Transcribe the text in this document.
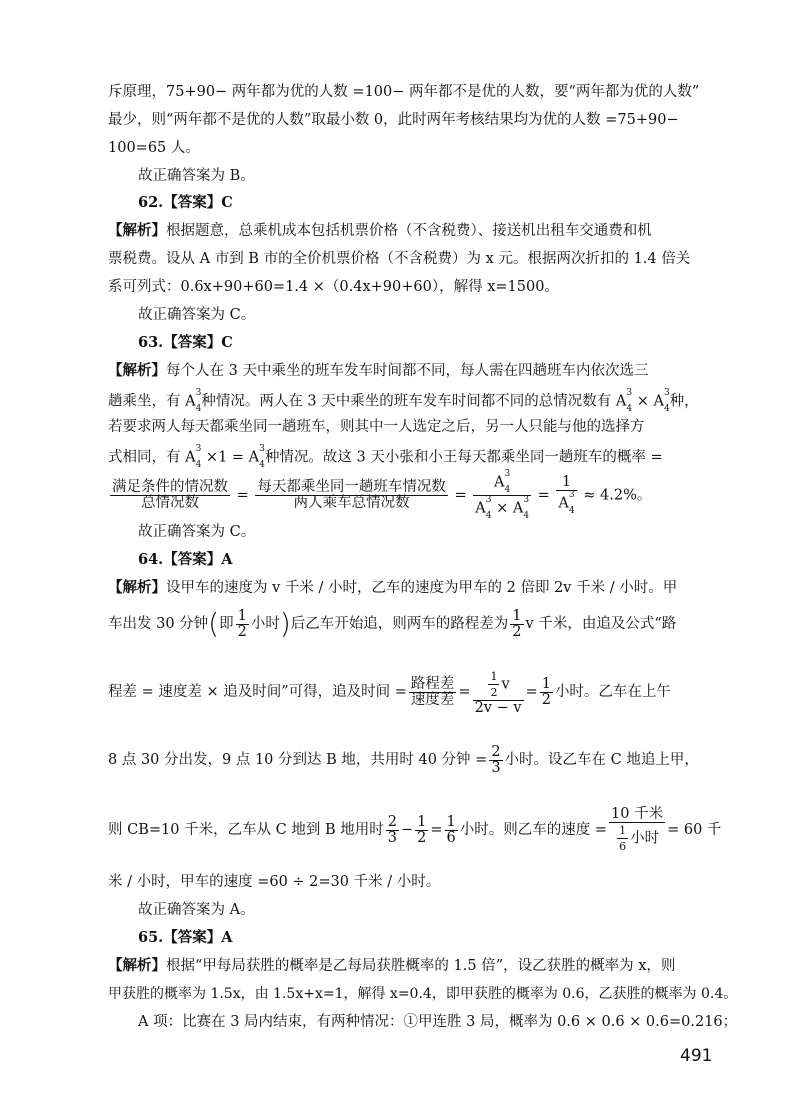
斥原理，75+90− 两年都为优的人数 =100− 两年都不是优的人数，要“两年都为优的人数”
最少，则“两年都不是优的人数”取最小数 0，此时两年考核结果均为优的人数 =75+90−
100=65 人。
故正确答案为 B。
62.【答案】C
【解析】根据题意，总乘机成本包括机票价格（不含税费）、接送机出租车交通费和机
票税费。设从 A 市到 B 市的全价机票价格（不含税费）为 x 元。根据两次折扣的 1.4 倍关
系可列式：0.6x+90+60=1.4 ×（0.4x+90+60），解得 x=1500。
故正确答案为 C。
63.【答案】C
【解析】每个人在 3 天中乘坐的班车发车时间都不同，每人需在四趟班车内依次选三
趟乘坐，有 $A^3$
$_4$种情况。两人在 3 天中乘坐的班车发车时间都不同的总情况数有 $A^3$
$_4 \times A^3$
$_4$种，
若要求两人每天都乘坐同一趟班车，则其中一人选定之后，另一人只能与他的选择方
式相同，有 $A^3$
$_4 \times 1 = A^3$
$_4$种情况。故这 3 天小张和小王每天都乘坐同一趟班车的概率 =
$\frac{\text{满足条件的情况数}}{\text{总情况数}} = \frac{\text{每天都乘坐同一趟班车情况数}}{\text{两人乘车总情况数}}$ =
$A^3$
$_4$
$A^3$
$_4 \times A^3$
$_4$
=
1
$A^3$
$_4$
≈ 4.2%。
故正确答案为 C。
64.【答案】A
【解析】设甲车的速度为 v 千米 / 小时，乙车的速度为甲车的 2 倍即 2v 千米 / 小时。甲
车出发 30 分钟(即 $\frac{1}{2}$ 小时)后乙车开始追，则两车的路程差为 $\frac{1}{2}$ v 千米，由追及公式“路
程差 = 速度差 × 追及时间”可得，追及时间 = $\frac{\text{路程差}}{\text{速度差}} = \frac{\frac{1}{2} v}{2v - v} = \frac{1}{2}$ 小时。乙车在上午
8 点 30 分出发，9 点 10 分到达 B 地，共用时 40 分钟 = $\frac{2}{3}$ 小时。设乙车在 C 地追上甲，
则 CB=10 千米，乙车从 C 地到 B 地用时 $\frac{2}{3} - \frac{1}{2} = \frac{1}{6}$ 小时。则乙车的速度 = $\frac{\text{10 千米}}{\frac{1}{6} 小时} = 60$ 千
米 / 小时，甲车的速度 =60 ÷ 2=30 千米 / 小时。
故正确答案为 A。
65.【答案】A
【解析】根据“甲每局获胜的概率是乙每局获胜概率的 1.5 倍”，设乙获胜的概率为 x，则
甲获胜的概率为 1.5x，由 1.5x+x=1，解得 x=0.4，即甲获胜的概率为 0.6，乙获胜的概率为 0.4。
A 项：比赛在 3 局内结束，有两种情况：①甲连胜 3 局，概率为 0.6 × 0.6 × 0.6=0.216；
491
